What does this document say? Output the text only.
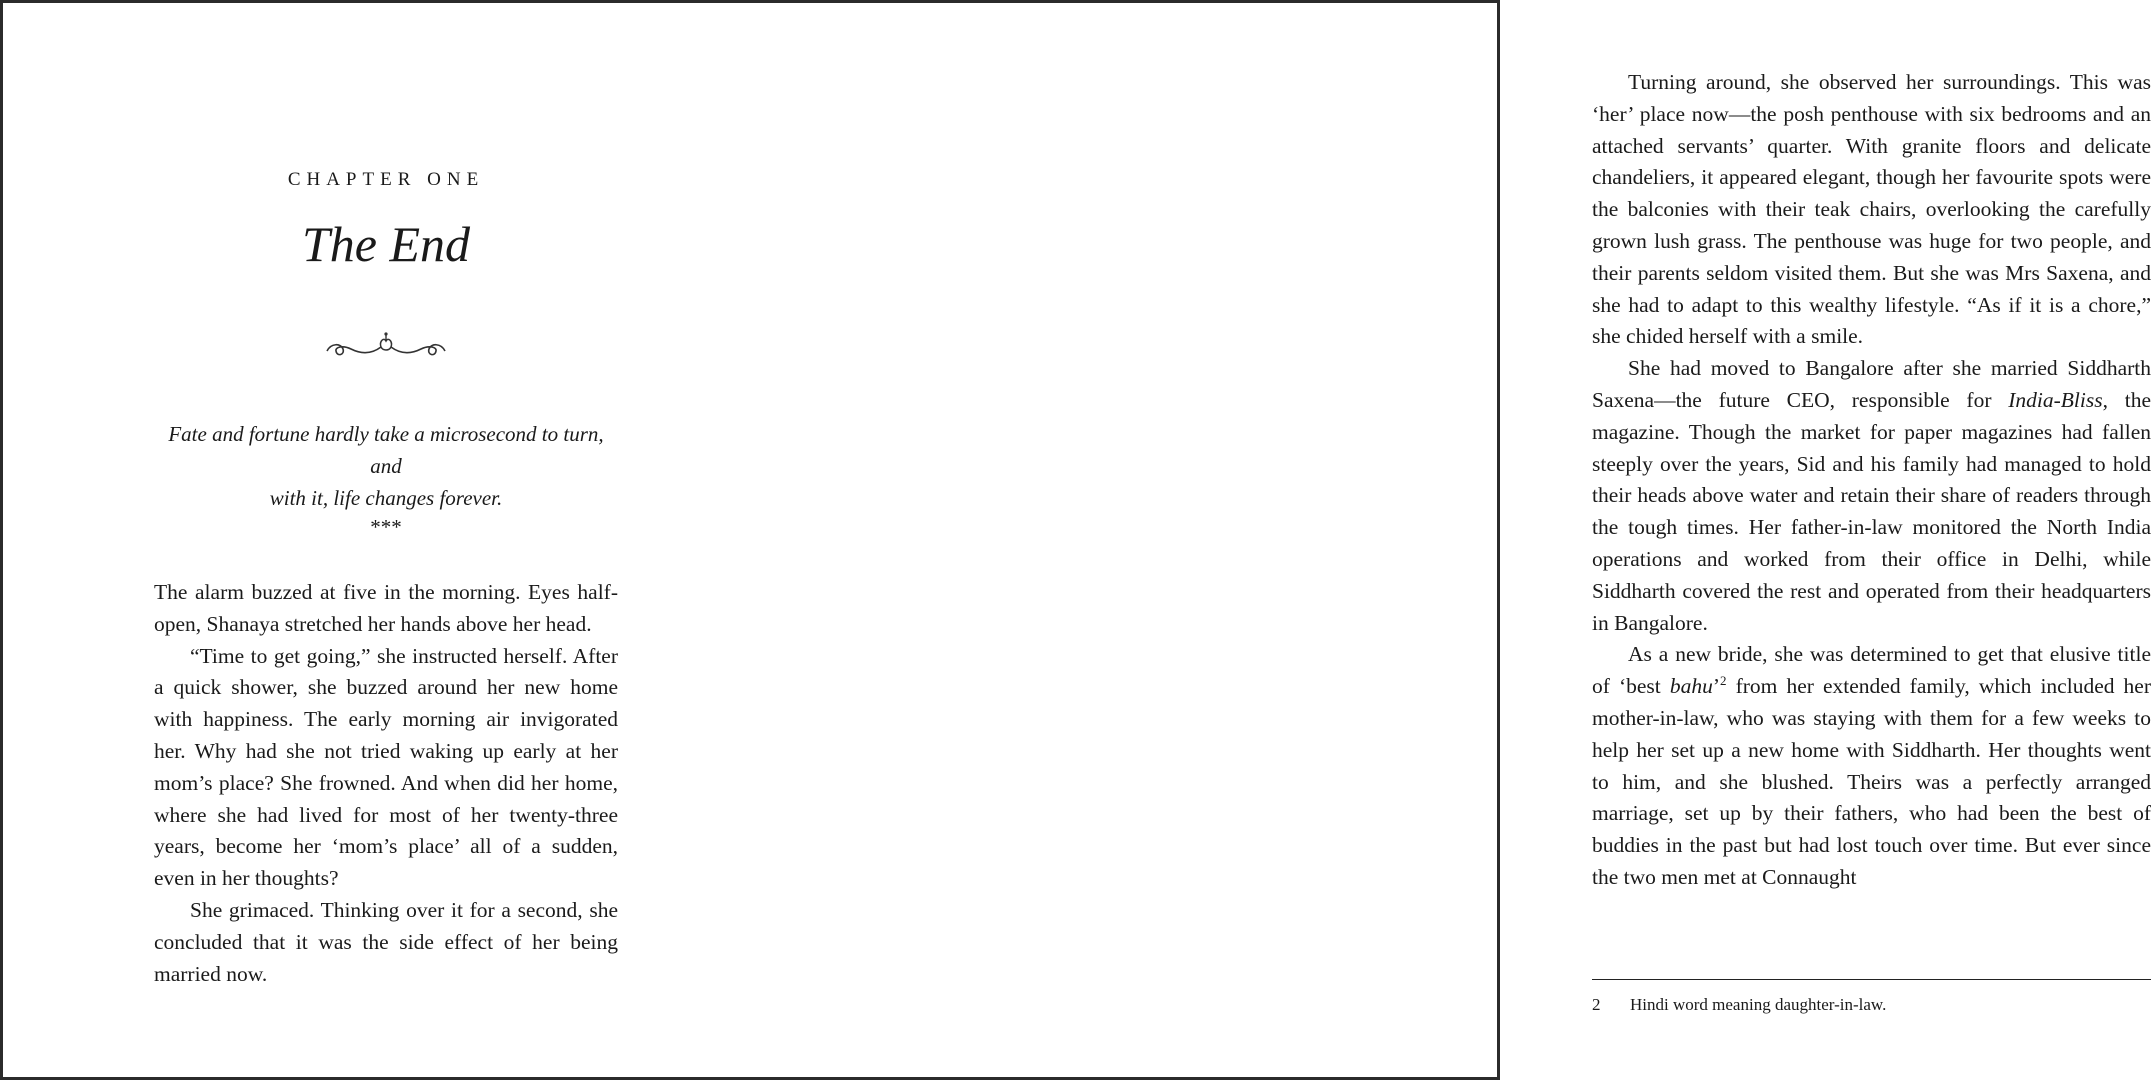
CHAPTER ONE
The End
Fate and fortune hardly take a microsecond to turn, and
with it, life changes forever.
***

The alarm buzzed at five in the morning. Eyes half-open, Shanaya stretched her hands above her head.

“Time to get going,” she instructed herself. After a quick shower, she buzzed around her new home with happiness. The early morning air invigorated her. Why had she not tried waking up early at her mom’s place? She frowned. And when did her home, where she had lived for most of her twenty-three years, become her ‘mom’s place’ all of a sudden, even in her thoughts?

She grimaced. Thinking over it for a second, she concluded that it was the side effect of her being married now.

Turning around, she observed her surroundings. This was ‘her’ place now—the posh penthouse with six bedrooms and an attached servants’ quarter. With granite floors and delicate chandeliers, it appeared elegant, though her favourite spots were the balconies with their teak chairs, overlooking the carefully grown lush grass. The penthouse was huge for two people, and their parents seldom visited them. But she was Mrs Saxena, and she had to adapt to this wealthy lifestyle. “As if it is a chore,” she chided herself with a smile.

She had moved to Bangalore after she married Siddharth Saxena—the future CEO, responsible for India-Bliss, the magazine. Though the market for paper magazines had fallen steeply over the years, Sid and his family had managed to hold their heads above water and retain their share of readers through the tough times. Her father-in-law monitored the North India operations and worked from their office in Delhi, while Siddharth covered the rest and operated from their headquarters in Bangalore.

As a new bride, she was determined to get that elusive title of ‘best bahu’$^2$ from her extended family, which included her mother-in-law, who was staying with them for a few weeks to help her set up a new home with Siddharth. Her thoughts went to him, and she blushed. Theirs was a perfectly arranged marriage, set up by their fathers, who had been the best of buddies in the past but had lost touch over time. But ever since the two men met at Connaught

2 Hindi word meaning daughter-in-law.
